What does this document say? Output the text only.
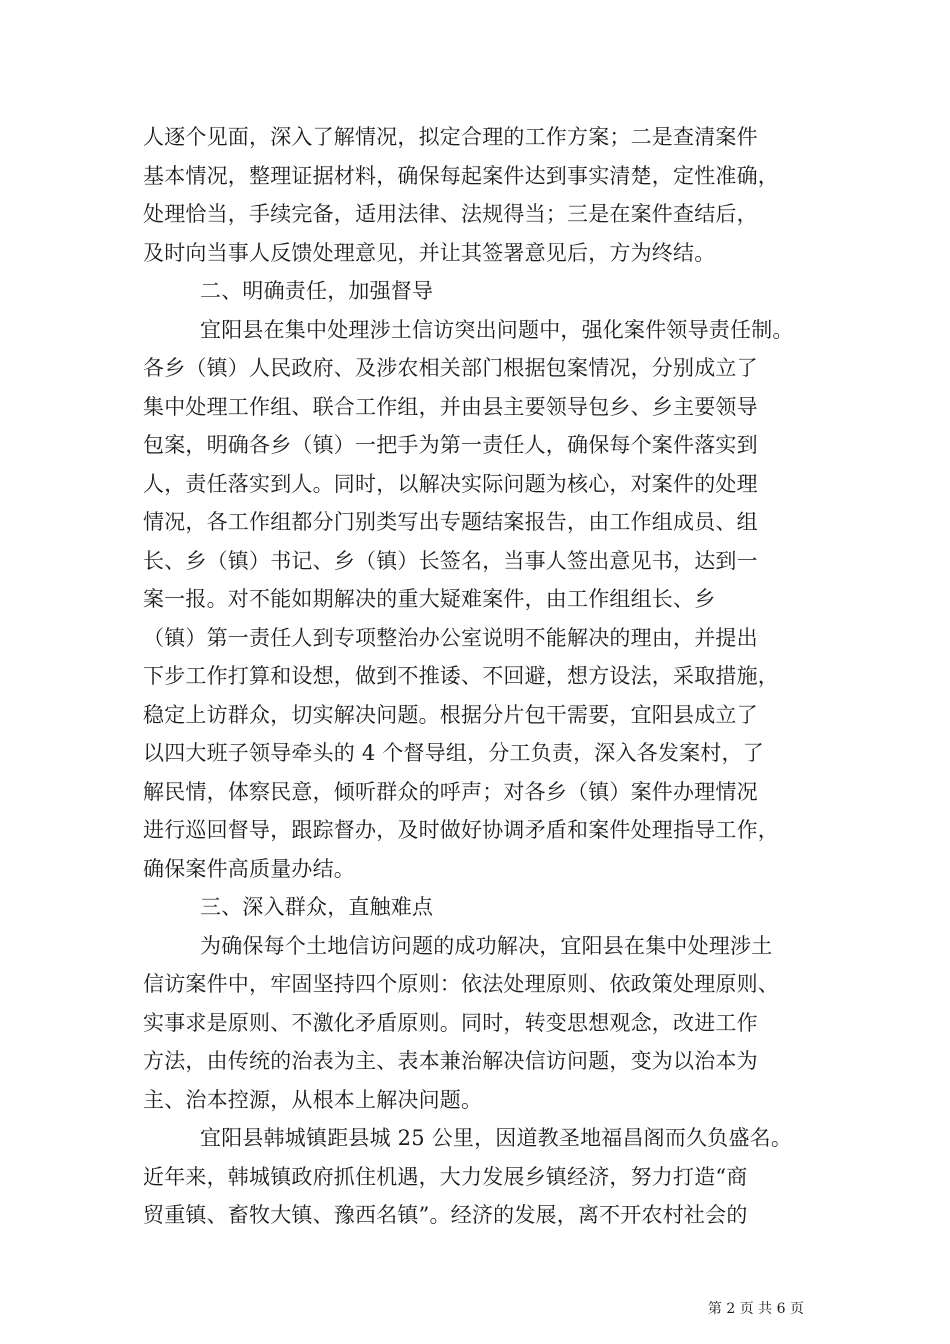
人逐个见面，深入了解情况，拟定合理的工作方案；二是查清案件
基本情况，整理证据材料，确保每起案件达到事实清楚，定性准确，
处理恰当，手续完备，适用法律、法规得当；三是在案件查结后，
及时向当事人反馈处理意见，并让其签署意见后，方为终结。
二、明确责任，加强督导
宜阳县在集中处理涉土信访突出问题中，强化案件领导责任制。
各乡（镇）人民政府、及涉农相关部门根据包案情况，分别成立了
集中处理工作组、联合工作组，并由县主要领导包乡、乡主要领导
包案，明确各乡（镇）一把手为第一责任人，确保每个案件落实到
人，责任落实到人。同时，以解决实际问题为核心，对案件的处理
情况，各工作组都分门别类写出专题结案报告，由工作组成员、组
长、乡（镇）书记、乡（镇）长签名，当事人签出意见书，达到一
案一报。对不能如期解决的重大疑难案件，由工作组组长、乡
（镇）第一责任人到专项整治办公室说明不能解决的理由，并提出
下步工作打算和设想，做到不推诿、不回避，想方设法，采取措施，
稳定上访群众，切实解决问题。根据分片包干需要，宜阳县成立了
以四大班子领导牵头的 4 个督导组，分工负责，深入各发案村，了
解民情，体察民意，倾听群众的呼声；对各乡（镇）案件办理情况
进行巡回督导，跟踪督办，及时做好协调矛盾和案件处理指导工作，
确保案件高质量办结。
三、深入群众，直触难点
为确保每个土地信访问题的成功解决，宜阳县在集中处理涉土
信访案件中，牢固坚持四个原则：依法处理原则、依政策处理原则、
实事求是原则、不激化矛盾原则。同时，转变思想观念，改进工作
方法，由传统的治表为主、表本兼治解决信访问题，变为以治本为
主、治本控源，从根本上解决问题。
宜阳县韩城镇距县城 25 公里，因道教圣地福昌阁而久负盛名。
近年来，韩城镇政府抓住机遇，大力发展乡镇经济，努力打造“商
贸重镇、畜牧大镇、豫西名镇”。经济的发展，离不开农村社会的
第 2 页 共 6 页
